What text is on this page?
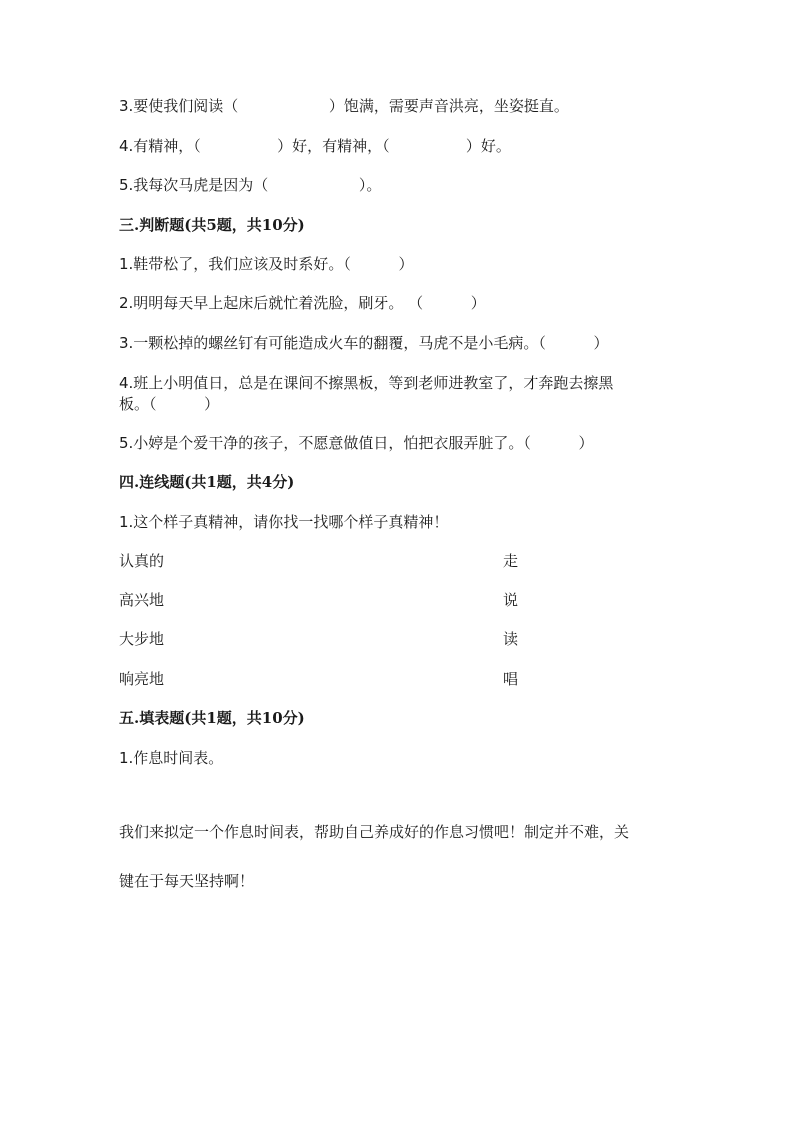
3.要使我们阅读（                   ）饱满，需要声音洪亮，坐姿挺直。
4.有精神，（                ）好，有精神，（                ）好。
5.我每次马虎是因为（                   ）。
三.判断题(共5题，共10分)
1.鞋带松了，我们应该及时系好。（          ）
2.明明每天早上起床后就忙着洗脸，刷牙。 （          ）
3.一颗松掉的螺丝钉有可能造成火车的翻覆，马虎不是小毛病。（          ）
4.班上小明值日，总是在课间不擦黑板，等到老师进教室了，才奔跑去擦黑
板。（          ）
5.小婷是个爱干净的孩子，不愿意做值日，怕把衣服弄脏了。（          ）
四.连线题(共1题，共4分)
1.这个样子真精神，请你找一找哪个样子真精神！
认真的	走
高兴地	说
大步地	读
响亮地	唱
五.填表题(共1题，共10分)
1.作息时间表。
我们来拟定一个作息时间表，帮助自己养成好的作息习惯吧！制定并不难，关
键在于每天坚持啊！
